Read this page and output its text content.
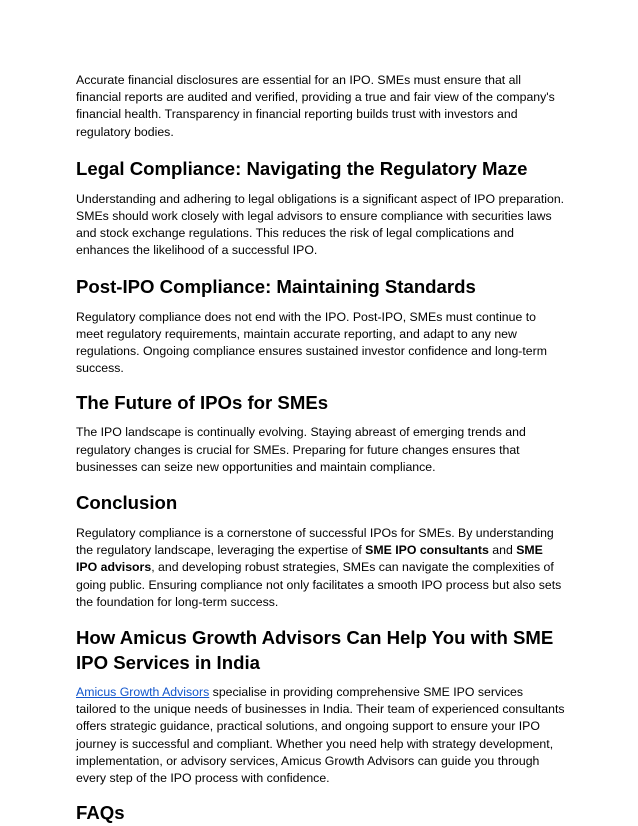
Accurate financial disclosures are essential for an IPO. SMEs must ensure that all financial reports are audited and verified, providing a true and fair view of the company's financial health. Transparency in financial reporting builds trust with investors and regulatory bodies.

Legal Compliance: Navigating the Regulatory Maze

Understanding and adhering to legal obligations is a significant aspect of IPO preparation. SMEs should work closely with legal advisors to ensure compliance with securities laws and stock exchange regulations. This reduces the risk of legal complications and enhances the likelihood of a successful IPO.

Post-IPO Compliance: Maintaining Standards

Regulatory compliance does not end with the IPO. Post-IPO, SMEs must continue to meet regulatory requirements, maintain accurate reporting, and adapt to any new regulations. Ongoing compliance ensures sustained investor confidence and long-term success.

The Future of IPOs for SMEs

The IPO landscape is continually evolving. Staying abreast of emerging trends and regulatory changes is crucial for SMEs. Preparing for future changes ensures that businesses can seize new opportunities and maintain compliance.

Conclusion

Regulatory compliance is a cornerstone of successful IPOs for SMEs. By understanding the regulatory landscape, leveraging the expertise of SME IPO consultants and SME IPO advisors, and developing robust strategies, SMEs can navigate the complexities of going public. Ensuring compliance not only facilitates a smooth IPO process but also sets the foundation for long-term success.

How Amicus Growth Advisors Can Help You with SME IPO Services in India

Amicus Growth Advisors specialise in providing comprehensive SME IPO services tailored to the unique needs of businesses in India. Their team of experienced consultants offers strategic guidance, practical solutions, and ongoing support to ensure your IPO journey is successful and compliant. Whether you need help with strategy development, implementation, or advisory services, Amicus Growth Advisors can guide you through every step of the IPO process with confidence.

FAQs
